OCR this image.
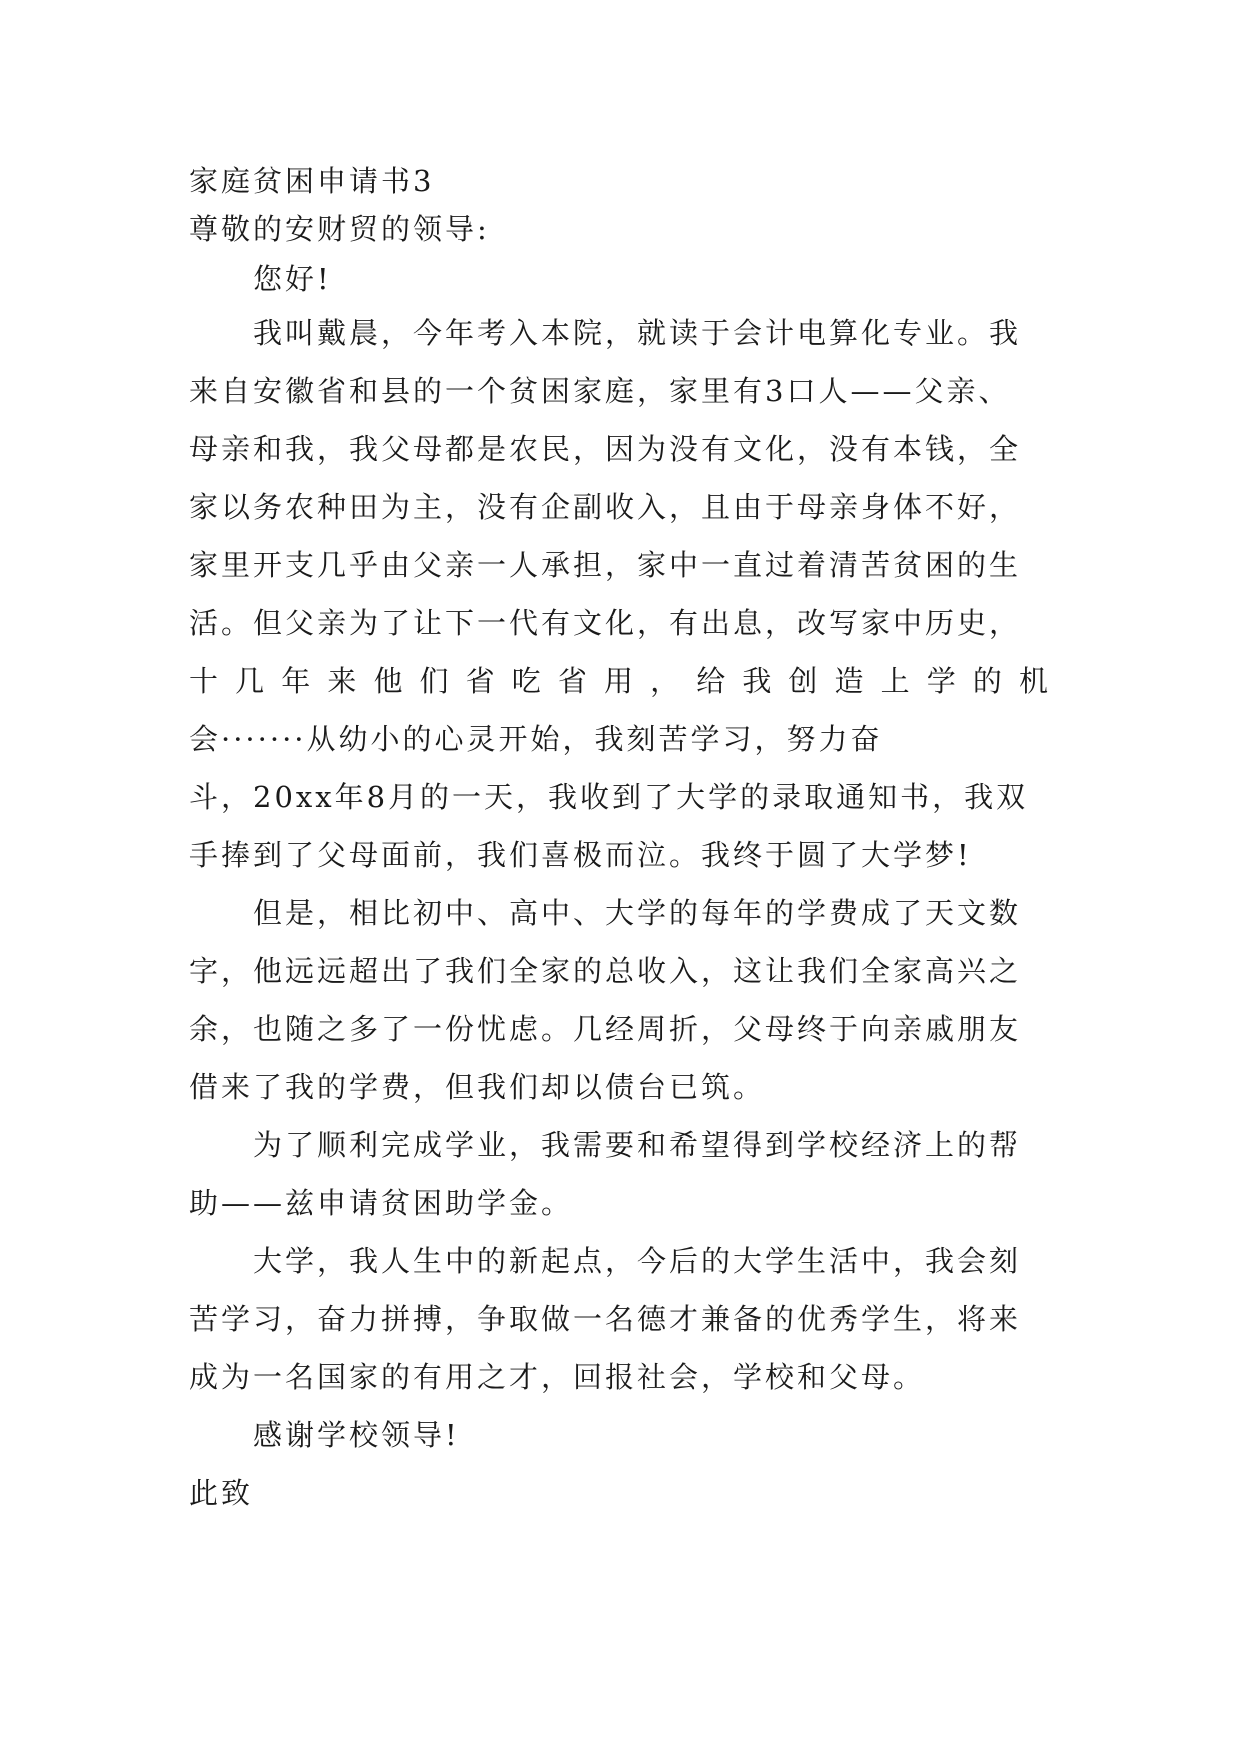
家庭贫困申请书3
尊敬的安财贸的领导:
您好!
我叫戴晨，今年考入本院，就读于会计电算化专业。我
来自安徽省和县的一个贫困家庭，家里有3口人——父亲、
母亲和我，我父母都是农民，因为没有文化，没有本钱，全
家以务农种田为主，没有企副收入，且由于母亲身体不好，
家里开支几乎由父亲一人承担，家中一直过着清苦贫困的生
活。但父亲为了让下一代有文化，有出息，改写家中历史，
十几年来他们省吃省用，给我创造上学的机
会·······从幼小的心灵开始，我刻苦学习，努力奋
斗，20xx年8月的一天，我收到了大学的录取通知书，我双
手捧到了父母面前，我们喜极而泣。我终于圆了大学梦!
但是，相比初中、高中、大学的每年的学费成了天文数
字，他远远超出了我们全家的总收入，这让我们全家高兴之
余，也随之多了一份忧虑。几经周折，父母终于向亲戚朋友
借来了我的学费，但我们却以债台已筑。
为了顺利完成学业，我需要和希望得到学校经济上的帮
助——兹申请贫困助学金。
大学，我人生中的新起点，今后的大学生活中，我会刻
苦学习，奋力拼搏，争取做一名德才兼备的优秀学生，将来
成为一名国家的有用之才，回报社会，学校和父母。
感谢学校领导!
此致
